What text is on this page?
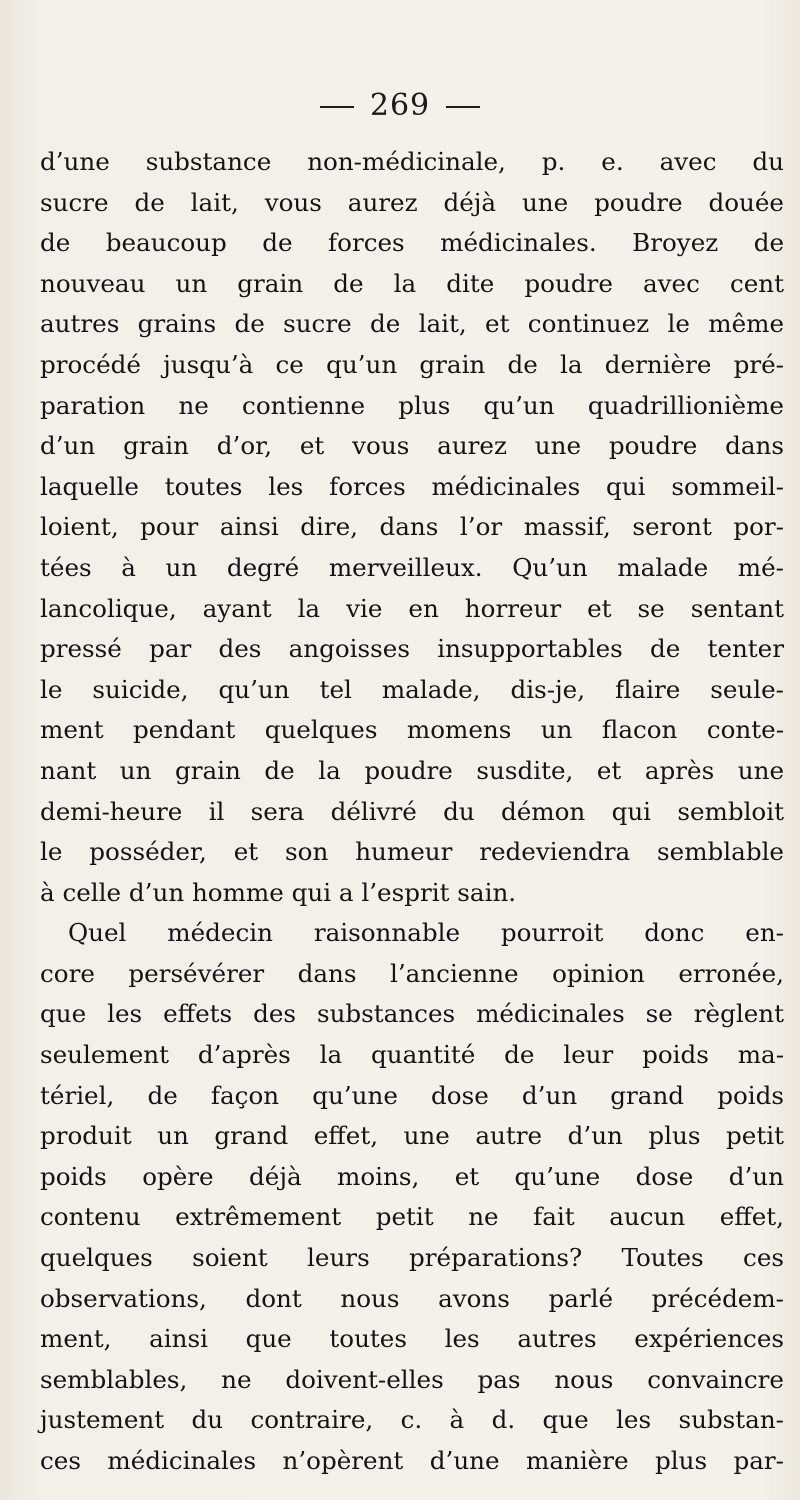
269
d’une substance non-médicinale, p. e. avec du
sucre de lait, vous aurez déjà une poudre douée
de beaucoup de forces médicinales. Broyez de
nouveau un grain de la dite poudre avec cent
autres grains de sucre de lait, et continuez le même
procédé jusqu’à ce qu’un grain de la dernière pré-
paration ne contienne plus qu’un quadrillionième
d’un grain d’or, et vous aurez une poudre dans
laquelle toutes les forces médicinales qui sommeil-
loient, pour ainsi dire, dans l’or massif, seront por-
tées à un degré merveilleux. Qu’un malade mé-
lancolique, ayant la vie en horreur et se sentant
pressé par des angoisses insupportables de tenter
le suicide, qu’un tel malade, dis-je, flaire seule-
ment pendant quelques momens un flacon conte-
nant un grain de la poudre susdite, et après une
demi-heure il sera délivré du démon qui sembloit
le posséder, et son humeur redeviendra semblable
à celle d’un homme qui a l’esprit sain.
Quel médecin raisonnable pourroit donc en-
core persévérer dans l’ancienne opinion erronée,
que les effets des substances médicinales se règlent
seulement d’après la quantité de leur poids ma-
tériel, de façon qu’une dose d’un grand poids
produit un grand effet, une autre d’un plus petit
poids opère déjà moins, et qu’une dose d’un
contenu extrêmement petit ne fait aucun effet,
quelques soient leurs préparations? Toutes ces
observations, dont nous avons parlé précédem-
ment, ainsi que toutes les autres expériences
semblables, ne doivent-elles pas nous convaincre
justement du contraire, c. à d. que les substan-
ces médicinales n’opèrent d’une manière plus par-
